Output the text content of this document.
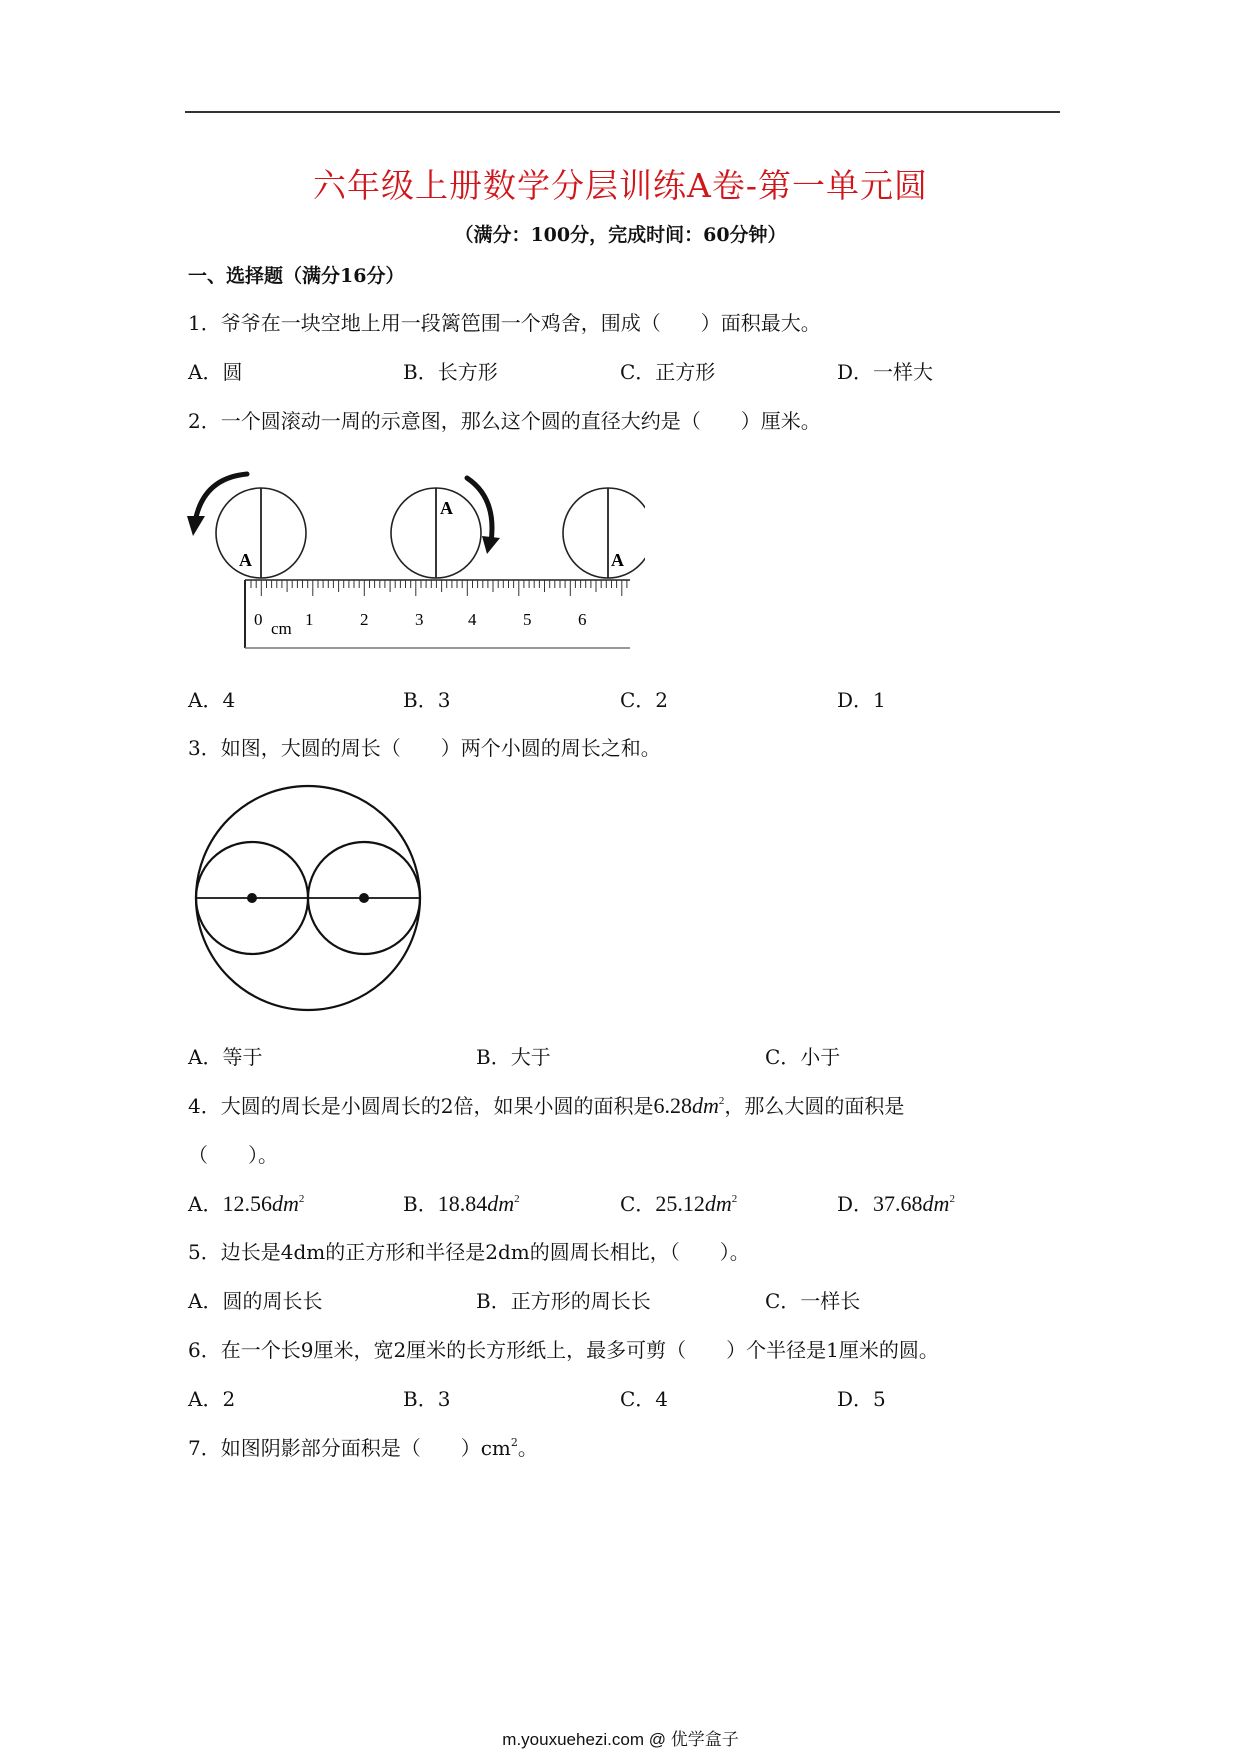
六年级上册数学分层训练A卷-第一单元圆
（满分：100分，完成时间：60分钟）
一、选择题（满分16分）
1．爷爷在一块空地上用一段篱笆围一个鸡舍，围成（　　）面积最大。
A．圆	B．长方形	C．正方形	D．一样大
2．一个圆滚动一周的示意图，那么这个圆的直径大约是（　　）厘米。
A
A
A
0 cm 1	2	3	4	5	6
A．4	B．3	C．2	D．1
3．如图，大圆的周长（　　）两个小圆的周长之和。
A．等于	B．大于	C．小于
4．大圆的周长是小圆周长的2倍，如果小圆的面积是$6.28dm^2$，那么大圆的面积是
（　　）。
A．$12.56dm^2$	B．$18.84dm^2$	C．$25.12dm^2$	D．$37.68dm^2$
5．边长是4dm的正方形和半径是2dm的圆周长相比，（　　）。
A．圆的周长长	B．正方形的周长长	C．一样长
6．在一个长9厘米，宽2厘米的长方形纸上，最多可剪（　　）个半径是1厘米的圆。
A．2	B．3	C．4	D．5
7．如图阴影部分面积是（　　）$cm^2$。
m.youxuehezi.com @ 优学盒子
